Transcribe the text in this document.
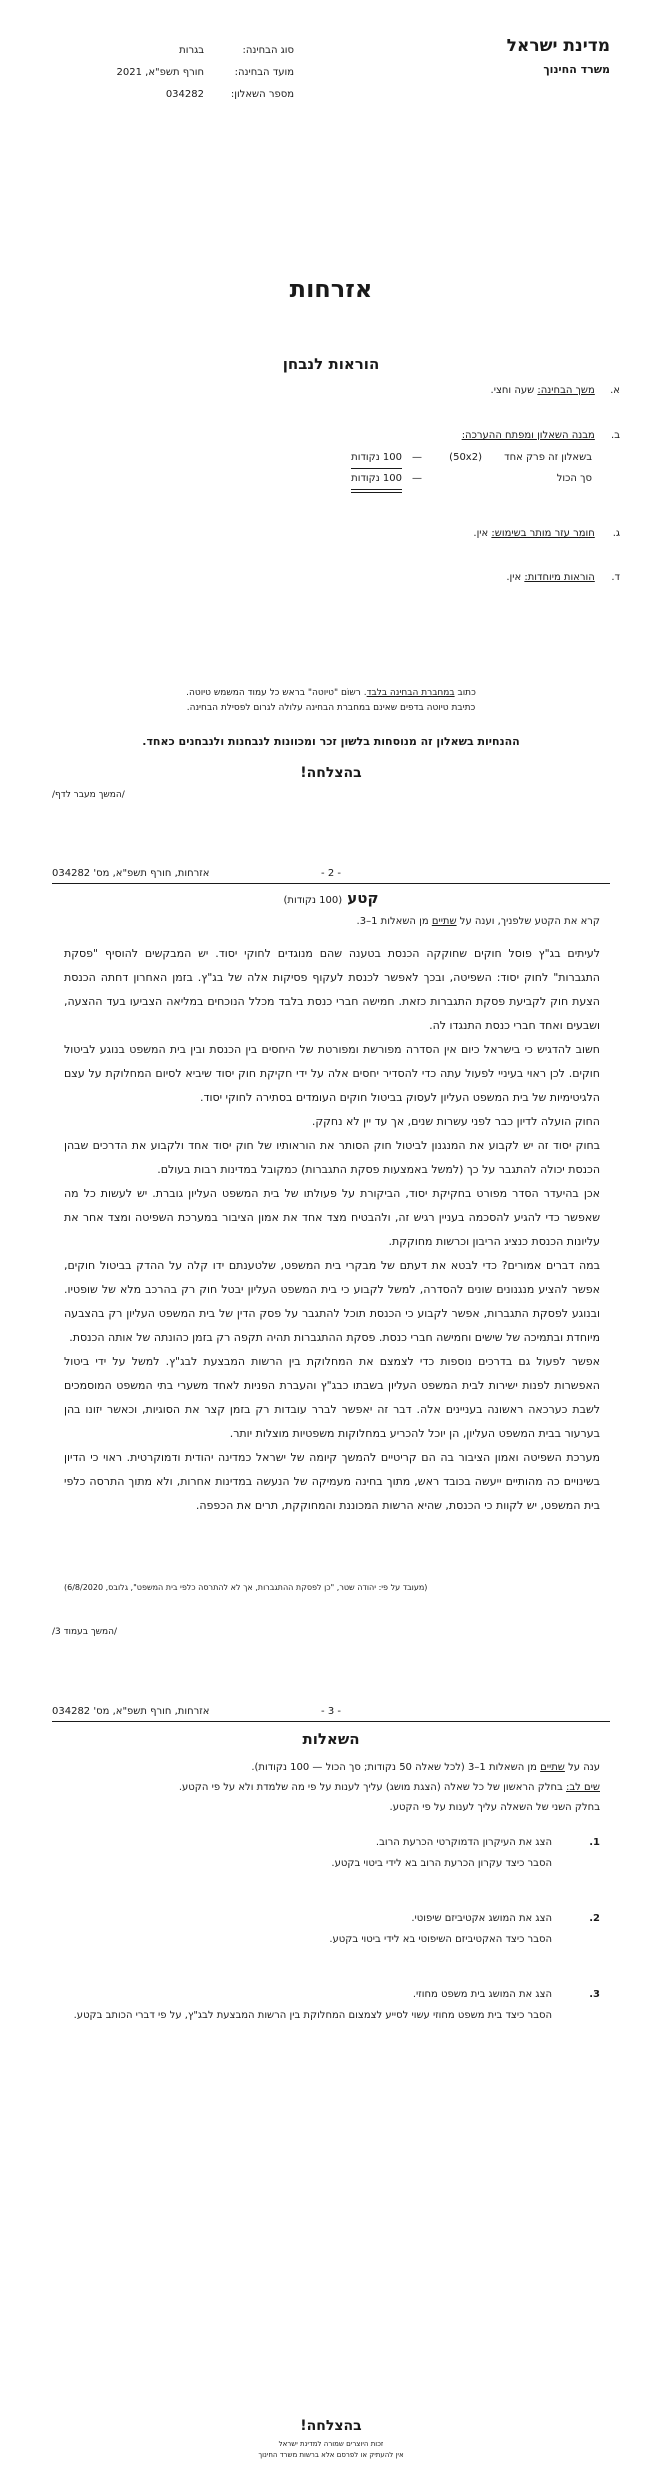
מדינת ישראל
משרד החינוך
סוג הבחינה:
בגרות
מועד הבחינה:
חורף תשפ"א, 2021
מספר השאלון:
034282
אזרחות
הוראות לנבחן
א. משך הבחינה: שעה וחצי.
ב. מבנה השאלון ומפתח ההערכה:
בשאלון זה פרק אחד
(50x2)
—
100 נקודות
סך הכול
—
100 נקודות
ג. חומר עזר מותר בשימוש: אין.
ד. הוראות מיוחדות: אין.
כתוב במחברת הבחינה בלבד. רשוֹם "טיוטה" בראש כל עמוד המשמש טיוטה.
כתיבת טיוטה בדפים שאינם במחברת הבחינה עלולה לגרום לפסילת הבחינה.
ההנחיות בשאלון זה מנוסחות בלשון זכר ומכוונות לנבחנות ולנבחנים כאחד.
בהצלחה!
/המשך מעבר לדף/
אזרחות, חורף תשפ"א, מס' 034282	- 2 -
קטע (100 נקודות)
קרא את הקטע שלפניך, וענה על שתיים מן השאלות 1–3.

לעיתים בג"ץ פוסל חוקים שחוקקה הכנסת בטענה שהם מנוגדים לחוקי יסוד. יש המבקשים להוסיף "פסקת התגברות" לחוק יסוד: השפיטה, ובכך לאפשר לכנסת לעקוף פסיקות אלה של בג"ץ. בזמן האחרון דחתה הכנסת הצעת חוק לקביעת פסקת התגברות כזאת. חמישה חברי כנסת בלבד מכלל הנוכחים במליאה הצביעו בעד ההצעה, ושבעים ואחד חברי כנסת התנגדו לה.

חשוב להדגיש כי בישראל כיום אין הסדרה מפורשת ומפורטת של היחסים בין הכנסת ובין בית המשפט בנוגע לביטול חוקים. לכן ראוי בעיניי לפעול עתה כדי להסדיר יחסים אלה על ידי חקיקת חוק יסוד שיביא לסיום המחלוקת על עצם הלגיטימיות של בית המשפט העליון לעסוק בביטול חוקים העומדים בסתירה לחוקי יסוד.

החוק הועלה לדיון כבר לפני עשרות שנים, אך עד יין לא נחקק.

בחוק יסוד זה יש לקבוע את המנגנון לביטול חוק הסותר את הוראותיו של חוק יסוד אחד ולקבוע את הדרכים שבהן הכנסת יכולה להתגבר על כך (למשל באמצעות פסקת התגברות) כמקובל במדינות רבות בעולם.

אכן בהיעדר הסדר מפורט בחקיקת יסוד, הביקורת על פעולתו של בית המשפט העליון גוברת. יש לעשות כל מה שאפשר כדי להגיע להסכמה בעניין רגיש זה, ולהבטיח מצד אחד את אמון הציבור במערכת השפיטה ומצד אחר את עליונות הכנסת כנציג הריבון וכרשות מחוקקת.

במה דברים אמורים? כדי לבטא את דעתם של מבקרי בית המשפט, שלטענתם ידו קלה על ההדק בביטול חוקים, אפשר להציע מנגנונים שונים להסדרה, למשל לקבוע כי בית המשפט העליון יבטל חוק רק בהרכב מלא של שופטיו. ובנוגע לפסקת התגברות, אפשר לקבוע כי הכנסת תוכל להתגבר על פסק הדין של בית המשפט העליון רק בהצבעה מיוחדת ובתמיכה של שישים וחמישה חברי כנסת. פסקת ההתגברות תהיה תקפה רק בזמן כהונתה של אותה הכנסת.

אפשר לפעול גם בדרכים נוספות כדי לצמצם את המחלוקת בין הרשות המבצעת לבג"ץ. למשל על ידי ביטול האפשרות לפנות ישירות לבית המשפט העליון בשבתו כבג"ץ והעברת הפניות לאחד משערי בתי המשפט המוסמכים לשבת כערכאה ראשונה בעניינים אלה. דבר זה יאפשר לברר עובדות רק בזמן קצר את הסוגיות, וכאשר יזונו בהן בערעור בבית המשפט העליון, הן יוכל להכריע במחלוקות משפטיות מוצלות יותר.

מערכת השפיטה ואמון הציבור בה הם קריטיים להמשך קיומה של ישראל כמדינה יהודית ודמוקרטית. ראוי כי הדיון בשינויים כה מהותיים ייעשה בכובד ראש, מתוך בחינה מעמיקה של הנעשה במדינות אחרות, ולא מתוך התרסה כלפי בית המשפט, יש לקוות כי הכנסת, שהיא הרשות המכוננת והמחוקקת, תרים את הכפפה.

(מעובד על פי: יהודה שטר, "כן לפסקת ההתגברות, אך לא להתרסה כלפי בית המשפט", גלובס, 6/8/2020)
/המשך בעמוד 3/
אזרחות, חורף תשפ"א, מס' 034282	- 3 -
השאלות
ענה על שתיים מן השאלות 1–3 (לכל שאלה 50 נקודות; סך הכול — 100 נקודות).
שים לב: בחלק הראשון של כל שאלה (הצגת מושג) עליך לענות על פי מה שלמדת ולא על פי הקטע.
בחלק השני של השאלה עליך לענות על פי הקטע.
1.
הצג את העיקרון הדמוקרטי הכרעת הרוב.
הסבר כיצד עקרון הכרעת הרוב בא לידי ביטוי בקטע.
2.
הצג את המושג אקטיביזם שיפוטי.
הסבר כיצד האקטיביזם השיפוטי בא לידי ביטוי בקטע.
3.
הצג את המושג בית משפט מחוזי.
הסבר כיצד בית משפט מחוזי עשוי לסייע לצמצום המחלוקת בין הרשות המבצעת לבג"ץ, על פי דברי הכותב בקטע.
בהצלחה!
זכות היוצרים שמורה למדינת ישראל
אין להעתיק או לפרסם אלא ברשות משרד החינוך
